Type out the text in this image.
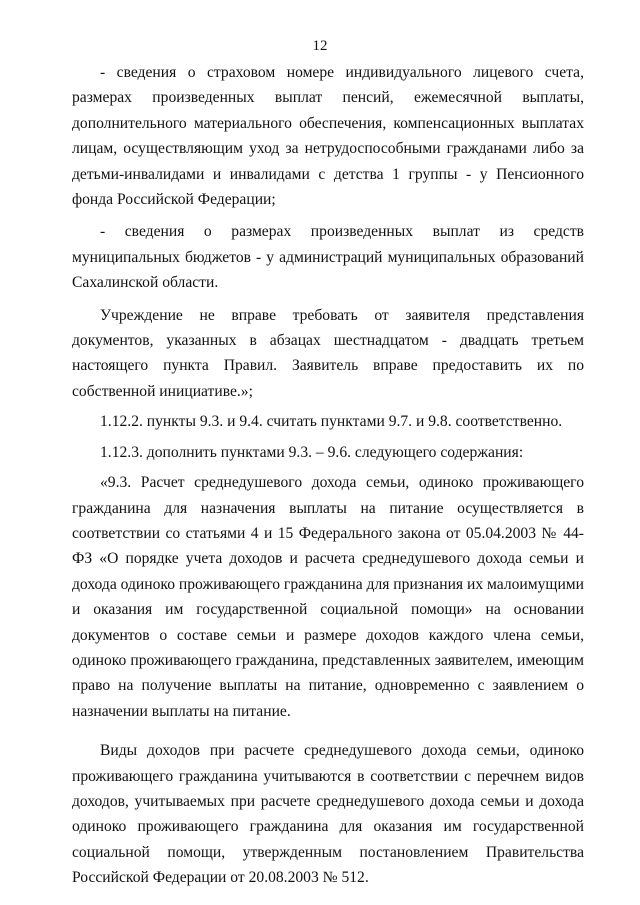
12

- сведения о страховом номере индивидуального лицевого счета, размерах произведенных выплат пенсий, ежемесячной выплаты, дополнительного материального обеспечения, компенсационных выплатах лицам, осуществляющим уход за нетрудоспособными гражданами либо за детьми-инвалидами и инвалидами с детства 1 группы - у Пенсионного фонда Российской Федерации;

- сведения о размерах произведенных выплат из средств муниципальных бюджетов - у администраций муниципальных образований Сахалинской области.

Учреждение не вправе требовать от заявителя представления документов, указанных в абзацах шестнадцатом - двадцать третьем настоящего пункта Правил. Заявитель вправе предоставить их по собственной инициативе.»;

1.12.2. пункты 9.3. и 9.4. считать пунктами 9.7. и 9.8. соответственно.

1.12.3. дополнить пунктами 9.3. – 9.6. следующего содержания:

«9.3. Расчет среднедушевого дохода семьи, одиноко проживающего гражданина для назначения выплаты на питание осуществляется в соответствии со статьями 4 и 15 Федерального закона от 05.04.2003 № 44-ФЗ «О порядке учета доходов и расчета среднедушевого дохода семьи и дохода одиноко проживающего гражданина для признания их малоимущими и оказания им государственной социальной помощи» на основании документов о составе семьи и размере доходов каждого члена семьи, одиноко проживающего гражданина, представленных заявителем, имеющим право на получение выплаты на питание, одновременно с заявлением о назначении выплаты на питание.

Виды доходов при расчете среднедушевого дохода семьи, одиноко проживающего гражданина учитываются в соответствии с перечнем видов доходов, учитываемых при расчете среднедушевого дохода семьи и дохода одиноко проживающего гражданина для оказания им государственной социальной помощи, утвержденным постановлением Правительства Российской Федерации от 20.08.2003 № 512.
